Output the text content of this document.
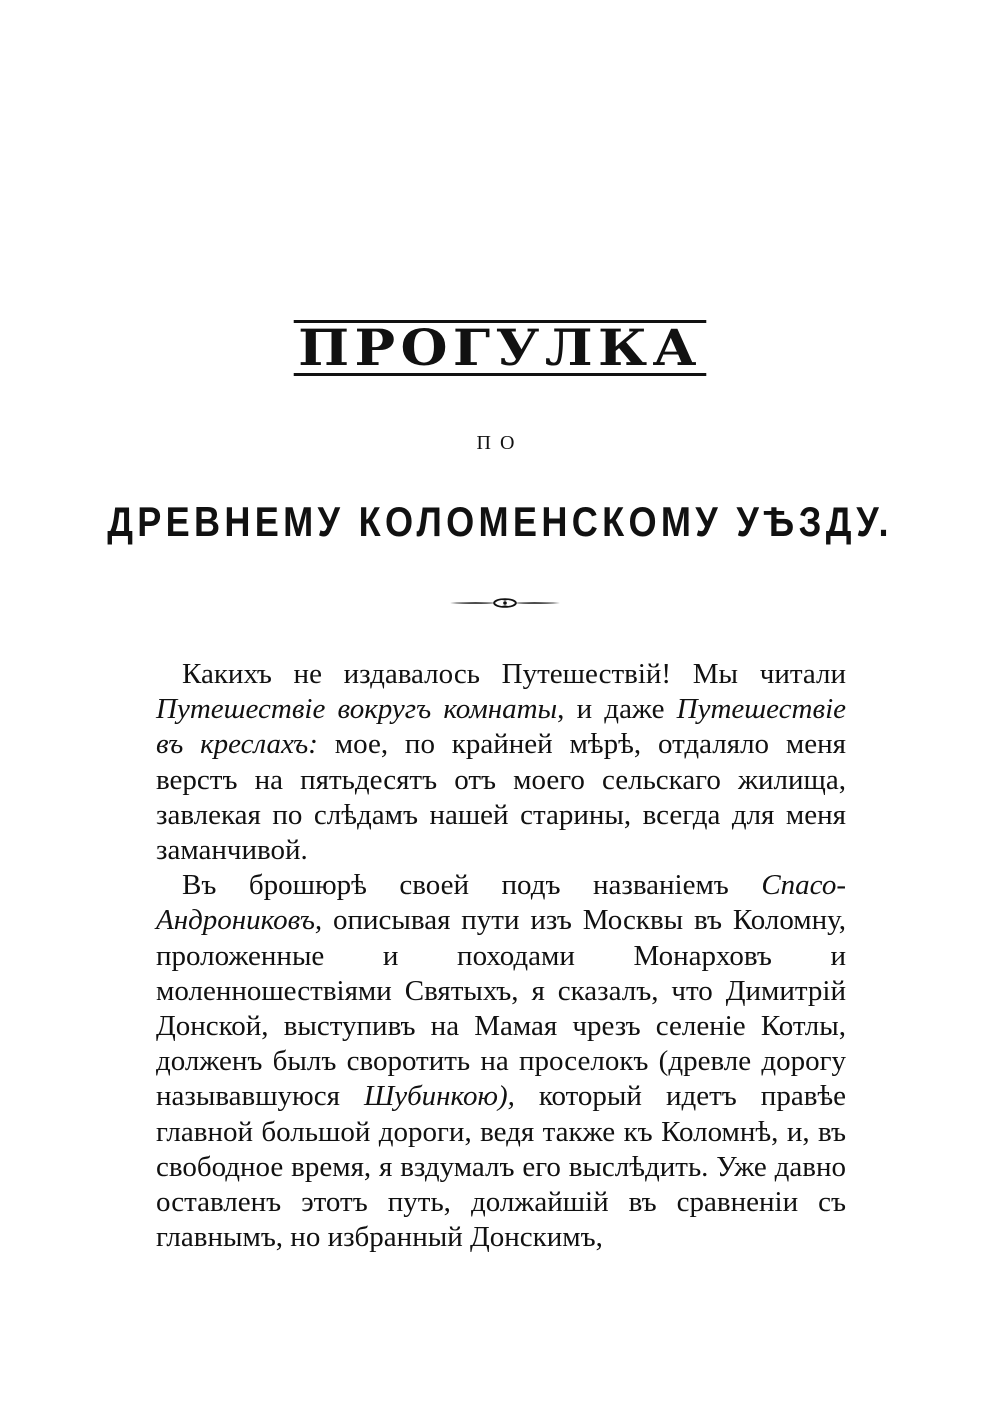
ПРОГУЛКА
ПО
ДРЕВНЕМУ КОЛОМЕНСКОМУ УѢЗДУ.

Какихъ не издавалось Путешествій! Мы читали Путешествіе вокругъ комнаты, и даже Путешествіе въ креслахъ: мое, по крайней мѣрѣ, отдаляло меня верстъ на пятьдесятъ отъ моего сельскаго жилища, завлекая по слѣдамъ нашей старины, всегда для меня заманчивой.

Въ брошюрѣ своей подъ названіемъ Спасо-Андрониковъ, описывая пути изъ Москвы въ Коломну, проложенные и походами Монарховъ и моленношествіями Святыхъ, я сказалъ, что Димитрій Донской, выступивъ на Мамая чрезъ селеніе Котлы, долженъ былъ своротить на проселокъ (древле дорогу называвшуюся Шубинкою), который идетъ правѣе главной большой дороги, ведя также къ Коломнѣ, и, въ свободное время, я вздумалъ его выслѣдить. Уже давно оставленъ этотъ путь, должайшій въ сравненіи съ главнымъ, но избранный Донскимъ,
